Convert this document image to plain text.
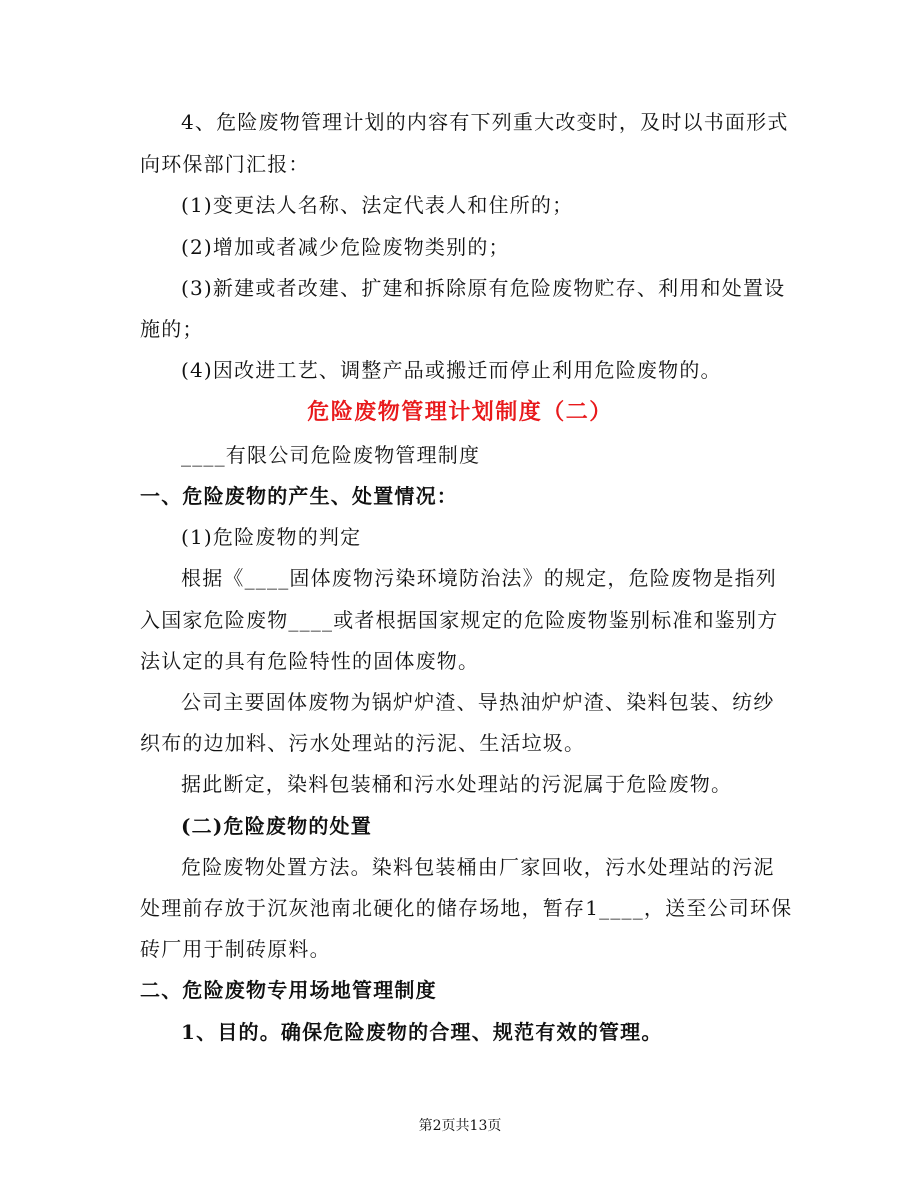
4、危险废物管理计划的内容有下列重大改变时，及时以书面形式
向环保部门汇报：
(1)变更法人名称、法定代表人和住所的；
(2)增加或者减少危险废物类别的；
(3)新建或者改建、扩建和拆除原有危险废物贮存、利用和处置设
施的；
(4)因改进工艺、调整产品或搬迁而停止利用危险废物的。
危险废物管理计划制度（二）
____有限公司危险废物管理制度
一、危险废物的产生、处置情况：
(1)危险废物的判定
根据《____固体废物污染环境防治法》的规定，危险废物是指列
入国家危险废物____或者根据国家规定的危险废物鉴别标准和鉴别方
法认定的具有危险特性的固体废物。
公司主要固体废物为锅炉炉渣、导热油炉炉渣、染料包装、纺纱
织布的边加料、污水处理站的污泥、生活垃圾。
据此断定，染料包装桶和污水处理站的污泥属于危险废物。
(二)危险废物的处置
危险废物处置方法。染料包装桶由厂家回收，污水处理站的污泥
处理前存放于沉灰池南北硬化的储存场地，暂存1____，送至公司环保
砖厂用于制砖原料。
二、危险废物专用场地管理制度
1、目的。确保危险废物的合理、规范有效的管理。
第2页共13页
